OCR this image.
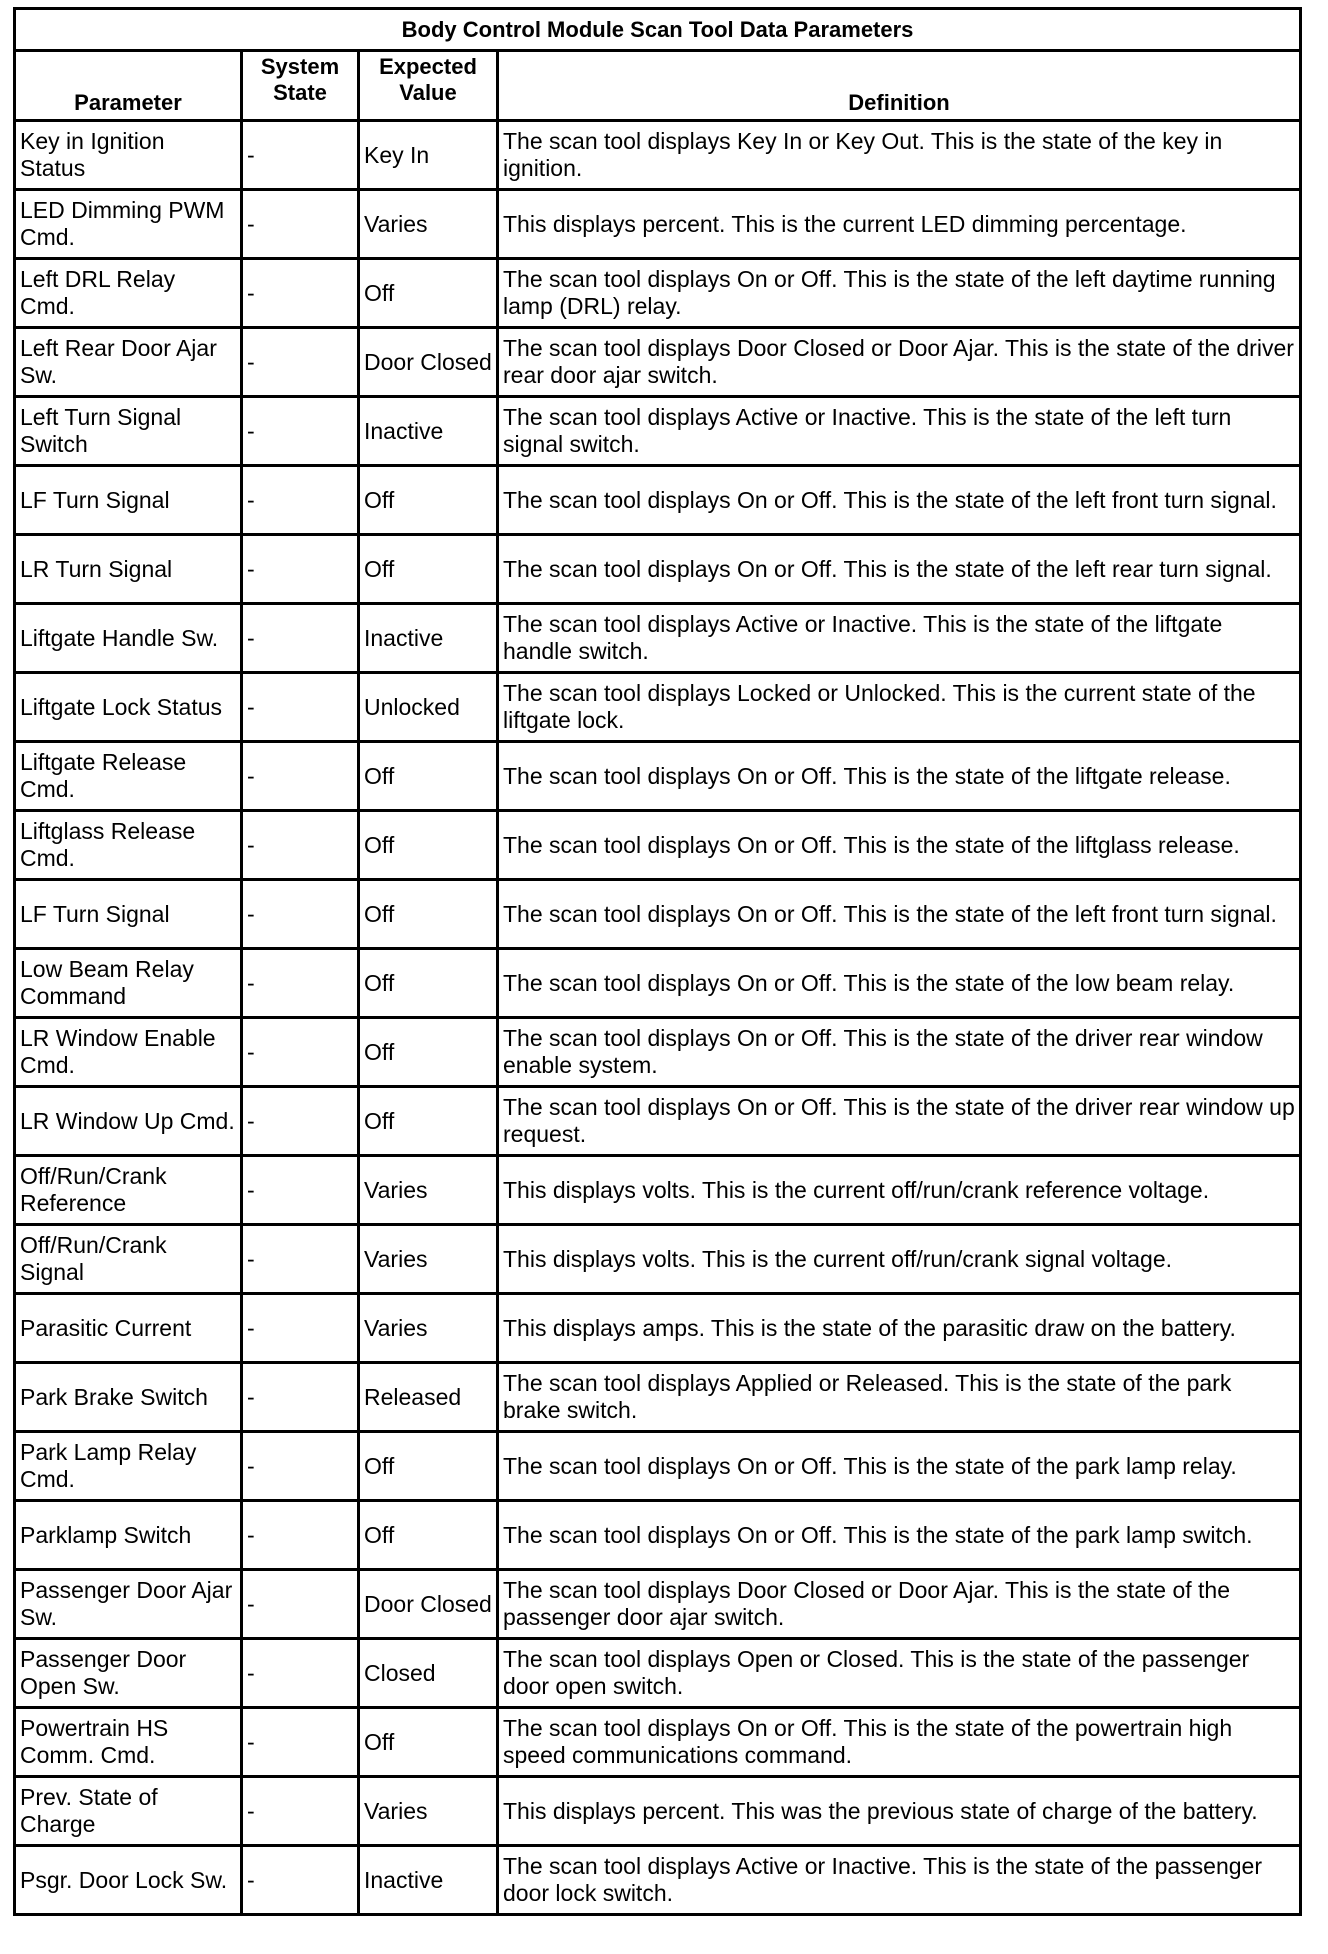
Body Control Module Scan Tool Data Parameters			
Parameter	System State	Expected Value	Definition
Key in Ignition Status	-	Key In	The scan tool displays Key In or Key Out. This is the state of the key in ignition.
LED Dimming PWM Cmd.	-	Varies	This displays percent. This is the current LED dimming percentage.
Left DRL Relay Cmd.	-	Off	The scan tool displays On or Off. This is the state of the left daytime running lamp (DRL) relay.
Left Rear Door Ajar Sw.	-	Door Closed	The scan tool displays Door Closed or Door Ajar. This is the state of the driver rear door ajar switch.
Left Turn Signal Switch	-	Inactive	The scan tool displays Active or Inactive. This is the state of the left turn signal switch.
LF Turn Signal	-	Off	The scan tool displays On or Off. This is the state of the left front turn signal.
LR Turn Signal	-	Off	The scan tool displays On or Off. This is the state of the left rear turn signal.
Liftgate Handle Sw.	-	Inactive	The scan tool displays Active or Inactive. This is the state of the liftgate handle switch.
Liftgate Lock Status	-	Unlocked	The scan tool displays Locked or Unlocked. This is the current state of the liftgate lock.
Liftgate Release Cmd.	-	Off	The scan tool displays On or Off. This is the state of the liftgate release.
Liftglass Release Cmd.	-	Off	The scan tool displays On or Off. This is the state of the liftglass release.
LF Turn Signal	-	Off	The scan tool displays On or Off. This is the state of the left front turn signal.
Low Beam Relay Command	-	Off	The scan tool displays On or Off. This is the state of the low beam relay.
LR Window Enable Cmd.	-	Off	The scan tool displays On or Off. This is the state of the driver rear window enable system.
LR Window Up Cmd.	-	Off	The scan tool displays On or Off. This is the state of the driver rear window up request.
Off/Run/Crank Reference	-	Varies	This displays volts. This is the current off/run/crank reference voltage.
Off/Run/Crank Signal	-	Varies	This displays volts. This is the current off/run/crank signal voltage.
Parasitic Current	-	Varies	This displays amps. This is the state of the parasitic draw on the battery.
Park Brake Switch	-	Released	The scan tool displays Applied or Released. This is the state of the park brake switch.
Park Lamp Relay Cmd.	-	Off	The scan tool displays On or Off. This is the state of the park lamp relay.
Parklamp Switch	-	Off	The scan tool displays On or Off. This is the state of the park lamp switch.
Passenger Door Ajar Sw.	-	Door Closed	The scan tool displays Door Closed or Door Ajar. This is the state of the passenger door ajar switch.
Passenger Door Open Sw.	-	Closed	The scan tool displays Open or Closed. This is the state of the passenger door open switch.
Powertrain HS Comm. Cmd.	-	Off	The scan tool displays On or Off. This is the state of the powertrain high speed communications command.
Prev. State of Charge	-	Varies	This displays percent. This was the previous state of charge of the battery.
Psgr. Door Lock Sw.	-	Inactive	The scan tool displays Active or Inactive. This is the state of the passenger door lock switch.
